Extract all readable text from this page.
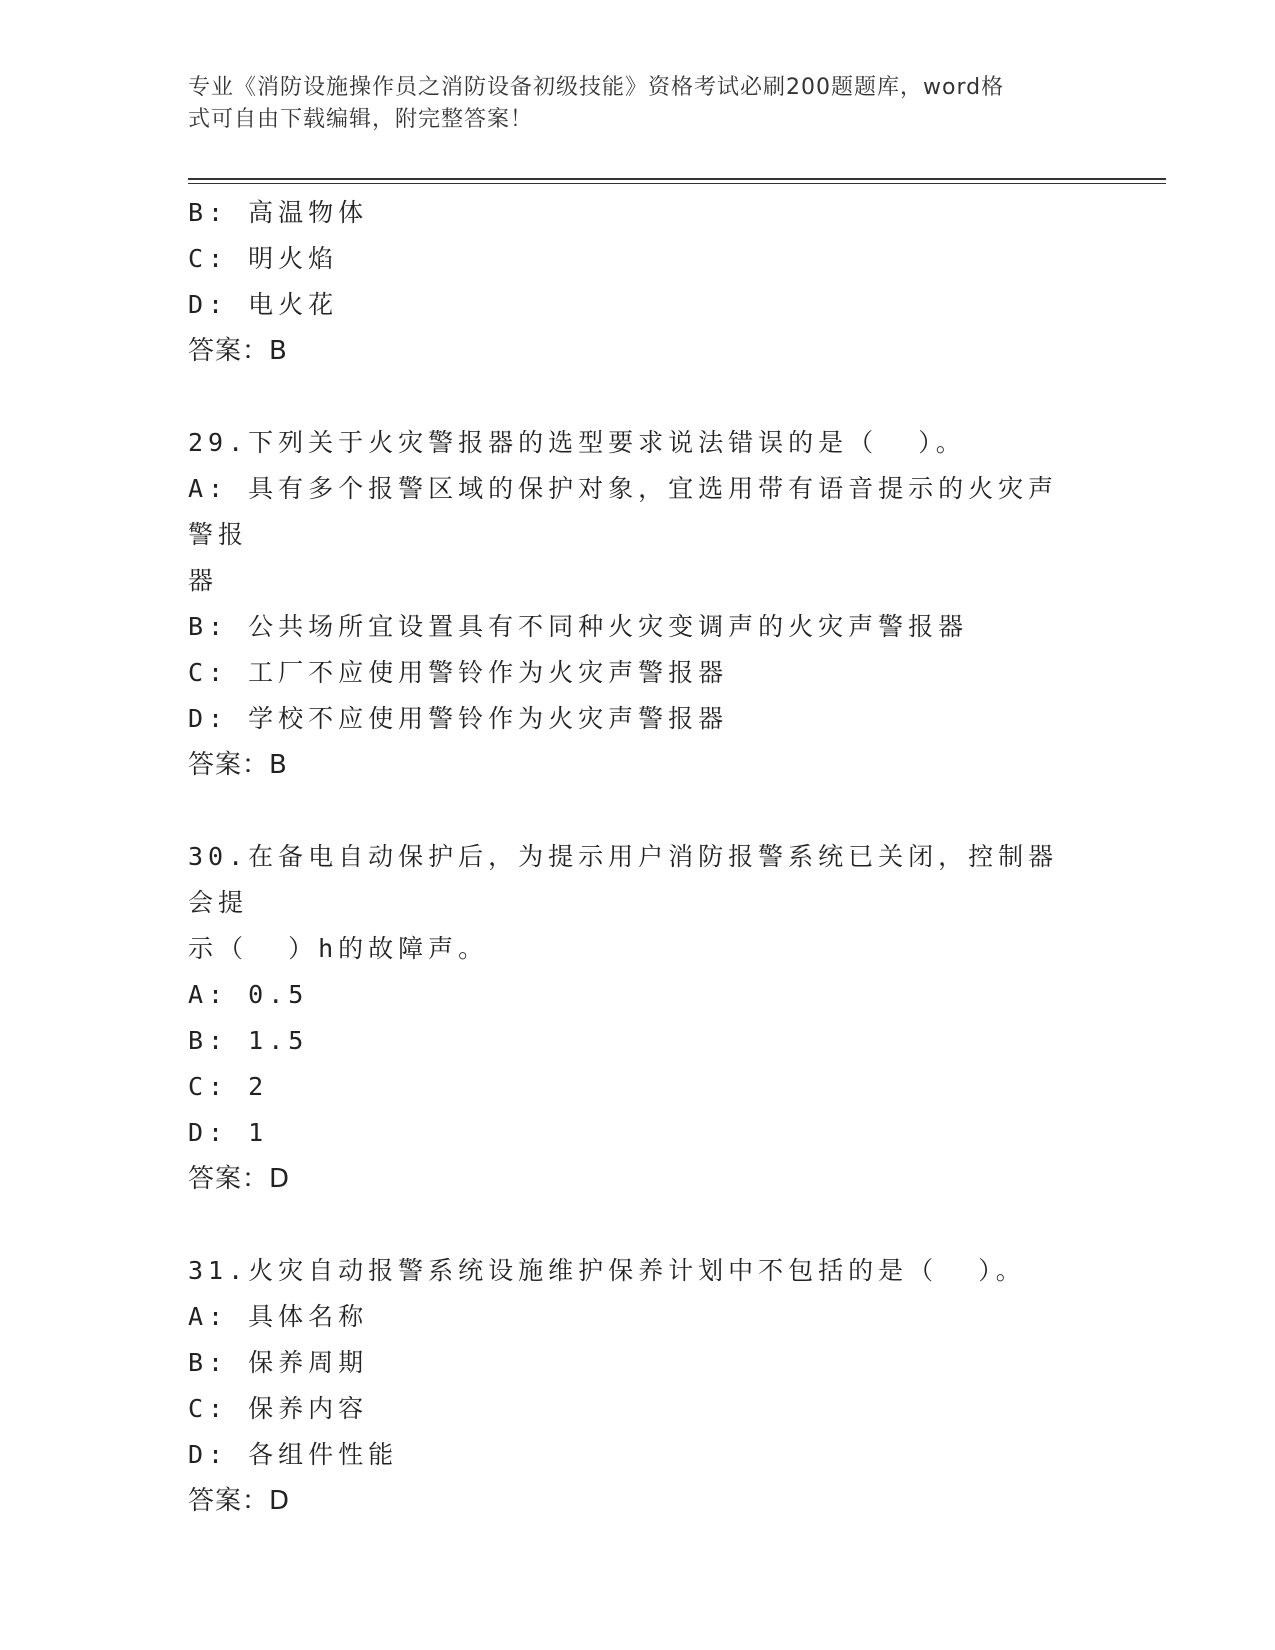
专业《消防设施操作员之消防设备初级技能》资格考试必刷200题题库，word格
式可自由下载编辑，附完整答案！

B: 高温物体

C: 明火焰

D: 电火花

答案：B

29.下列关于火灾警报器的选型要求说法错误的是（  ）。

A: 具有多个报警区域的保护对象，宜选用带有语音提示的火灾声警报

器

B: 公共场所宜设置具有不同种火灾变调声的火灾声警报器

C: 工厂不应使用警铃作为火灾声警报器

D: 学校不应使用警铃作为火灾声警报器

答案：B

30.在备电自动保护后，为提示用户消防报警系统已关闭，控制器会提

示（  ）h的故障声。

A: 0.5

B: 1.5

C: 2

D: 1

答案：D

31.火灾自动报警系统设施维护保养计划中不包括的是（  ）。

A: 具体名称

B: 保养周期

C: 保养内容

D: 各组件性能

答案：D
